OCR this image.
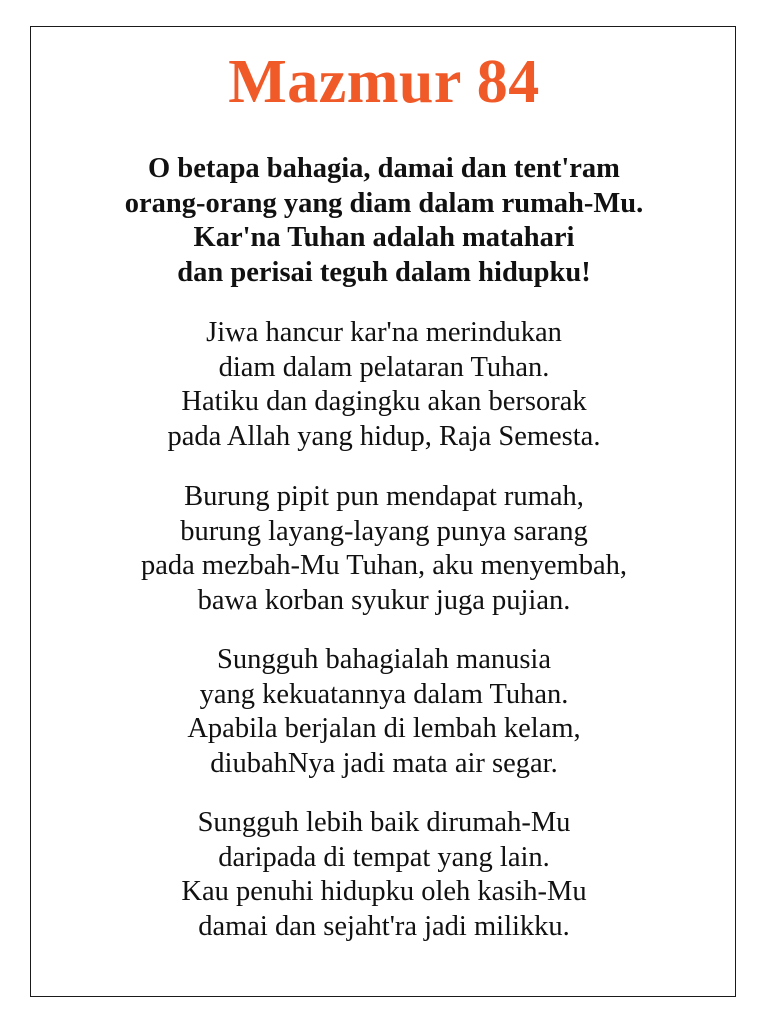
Mazmur 84
O betapa bahagia, damai dan tent'ram
orang-orang yang diam dalam rumah-Mu.
Kar'na Tuhan adalah matahari
dan perisai teguh dalam hidupku!
Jiwa hancur kar'na merindukan
diam dalam pelataran Tuhan.
Hatiku dan dagingku akan bersorak
pada Allah yang hidup, Raja Semesta.
Burung pipit pun mendapat rumah,
burung layang-layang punya sarang
pada mezbah-Mu Tuhan, aku menyembah,
bawa korban syukur juga pujian.
Sungguh bahagialah manusia
yang kekuatannya dalam Tuhan.
Apabila berjalan di lembah kelam,
diubahNya jadi mata air segar.
Sungguh lebih baik dirumah-Mu
daripada di tempat yang lain.
Kau penuhi hidupku oleh kasih-Mu
damai dan sejaht'ra jadi milikku.
